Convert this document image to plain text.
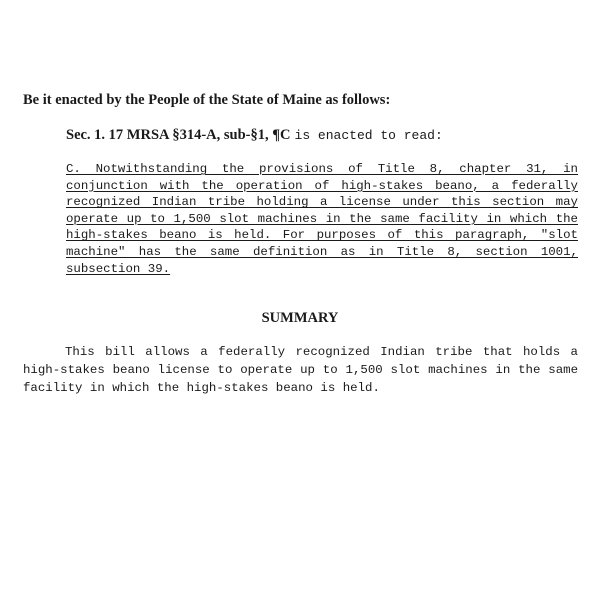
Be it enacted by the People of the State of Maine as follows:
Sec. 1. 17 MRSA §314-A, sub-§1, ¶C is enacted to read:

C. Notwithstanding the provisions of Title 8, chapter 31, in conjunction with the operation of high-stakes beano, a federally recognized Indian tribe holding a license under this section may operate up to 1,500 slot machines in the same facility in which the high-stakes beano is held. For purposes of this paragraph, "slot machine" has the same definition as in Title 8, section 1001, subsection 39.

SUMMARY

This bill allows a federally recognized Indian tribe that holds a high-stakes beano license to operate up to 1,500 slot machines in the same facility in which the high-stakes beano is held.
